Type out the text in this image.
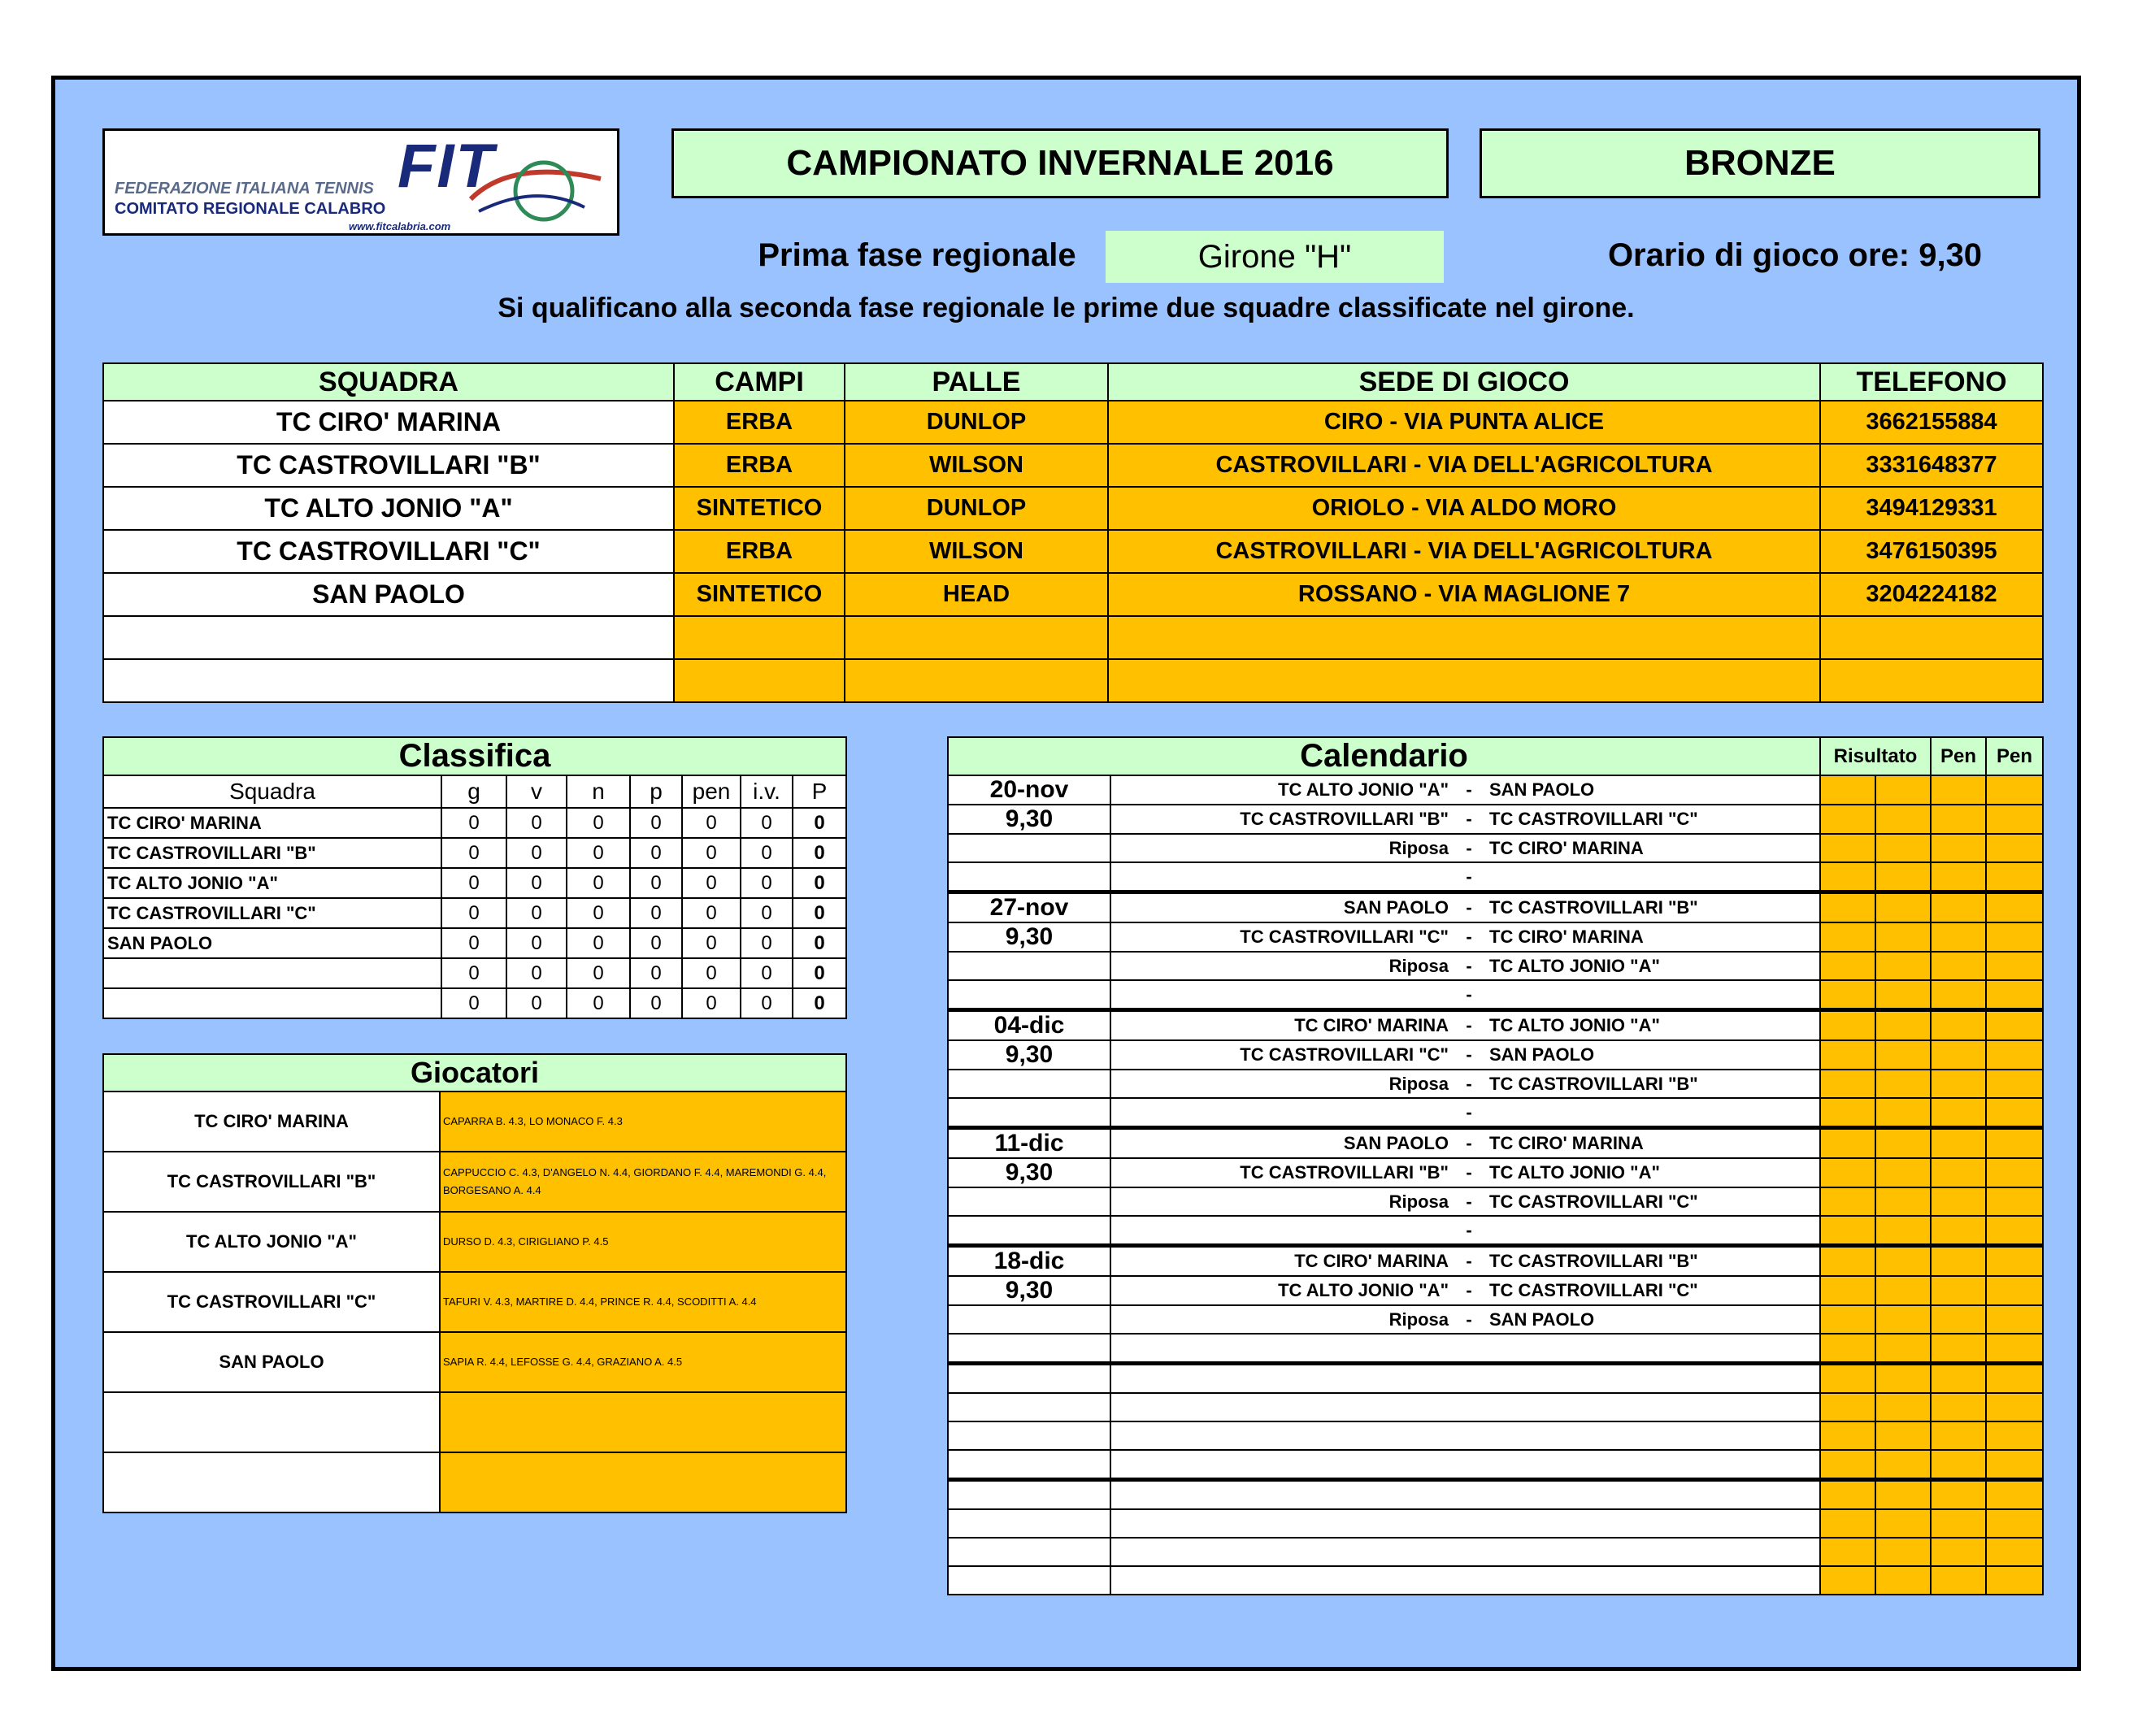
FIT
FEDERAZIONE ITALIANA TENNIS
COMITATO REGIONALE CALABRO
www.fitcalabria.com
CAMPIONATO INVERNALE 2016	BRONZE
Prima fase regionale	Girone "H"	Orario di gioco ore: 9,30
Si qualificano alla seconda fase regionale le prime due squadre classificate nel girone.
SQUADRA	CAMPI	PALLE	SEDE DI GIOCO	TELEFONO
TC CIRO' MARINA	ERBA	DUNLOP	CIRO - VIA PUNTA ALICE	3662155884
TC CASTROVILLARI "B"	ERBA	WILSON	CASTROVILLARI - VIA DELL'AGRICOLTURA	3331648377
TC ALTO JONIO "A"	SINTETICO	DUNLOP	ORIOLO - VIA ALDO MORO	3494129331
TC CASTROVILLARI "C"	ERBA	WILSON	CASTROVILLARI - VIA DELL'AGRICOLTURA	3476150395
SAN PAOLO	SINTETICO	HEAD	ROSSANO - VIA MAGLIONE 7	3204224182

Classifica							
Squadra	g	v	n	p	pen	i.v.	P
TC CIRO' MARINA	0	0	0	0	0	0	0
TC CASTROVILLARI "B"	0	0	0	0	0	0	0
TC ALTO JONIO "A"	0	0	0	0	0	0	0
TC CASTROVILLARI "C"	0	0	0	0	0	0	0
SAN PAOLO	0	0	0	0	0	0	0
	0	0	0	0	0	0	0
	0	0	0	0	0	0	0
Giocatori	
TC CIRO' MARINA	CAPARRA B. 4.3, LO MONACO F. 4.3
TC CASTROVILLARI "B"	CAPPUCCIO C. 4.3, D'ANGELO N. 4.4, GIORDANO F. 4.4, MAREMONDI G. 4.4, BORGESANO A. 4.4
TC ALTO JONIO "A"	DURSO D. 4.3, CIRIGLIANO P. 4.5
TC CASTROVILLARI "C"	TAFURI V. 4.3, MARTIRE D. 4.4, PRINCE R. 4.4, SCODITTI A. 4.4
SAN PAOLO	SAPIA R. 4.4, LEFOSSE G. 4.4, GRAZIANO A. 4.5

Calendario		Risultato		Pen	Pen
20-nov	TC ALTO JONIO "A" - SAN PAOLO				
9,30	TC CASTROVILLARI "B" - TC CASTROVILLARI "C"				
	Riposa - TC CIRO' MARINA				
	-				
27-nov	SAN PAOLO - TC CASTROVILLARI "B"				
9,30	TC CASTROVILLARI "C" - TC CIRO' MARINA				
	Riposa - TC ALTO JONIO "A"				
	-				
04-dic	TC CIRO' MARINA - TC ALTO JONIO "A"				
9,30	TC CASTROVILLARI "C" - SAN PAOLO				
	Riposa - TC CASTROVILLARI "B"				
	-				
11-dic	SAN PAOLO - TC CIRO' MARINA				
9,30	TC CASTROVILLARI "B" - TC ALTO JONIO "A"				
	Riposa - TC CASTROVILLARI "C"				
	-				
18-dic	TC CIRO' MARINA - TC CASTROVILLARI "B"				
9,30	TC ALTO JONIO "A" - TC CASTROVILLARI "C"				
	Riposa - SAN PAOLO				
